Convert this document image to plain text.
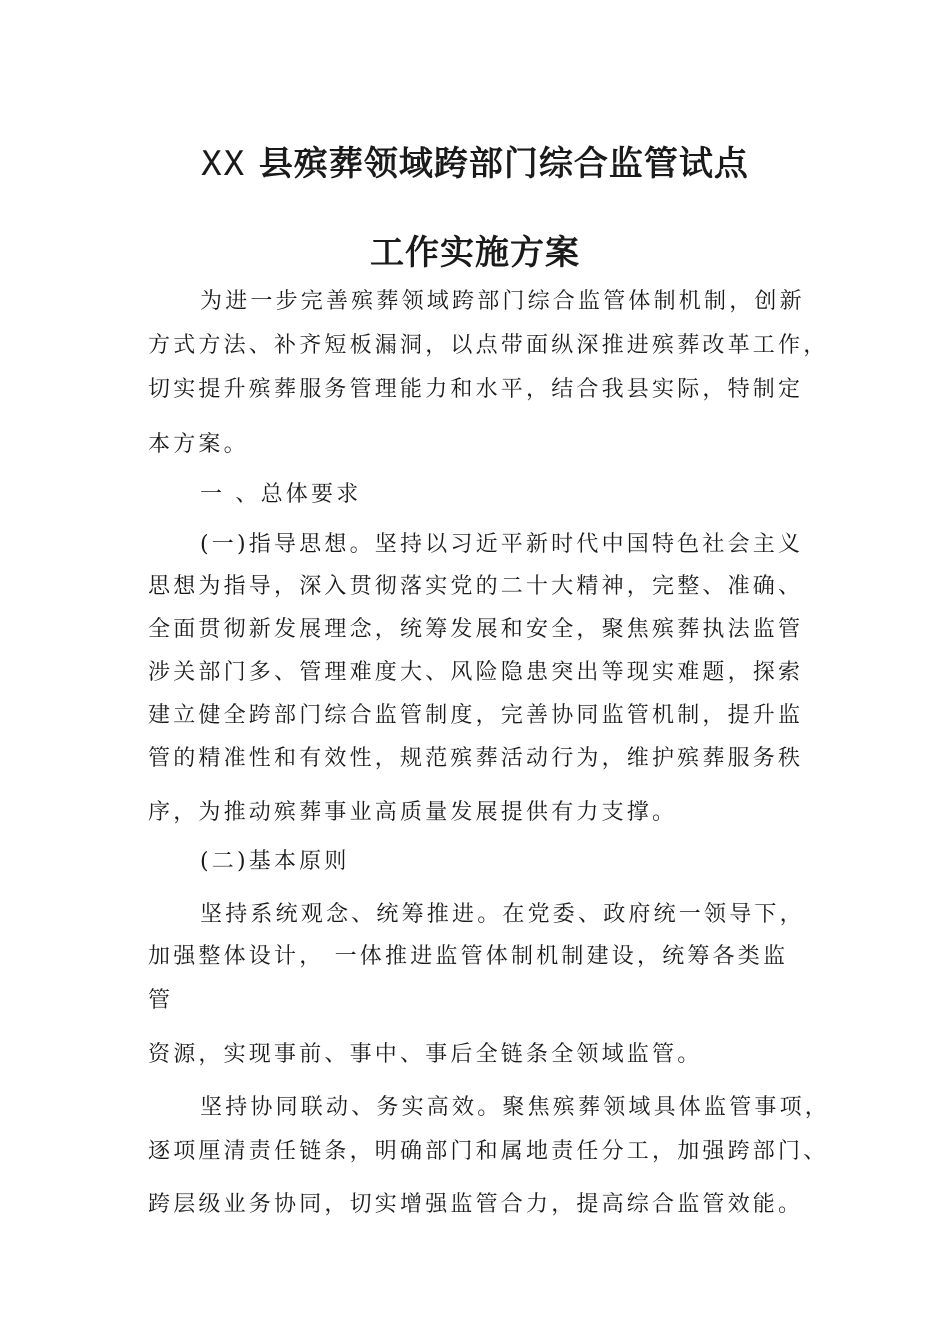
XX 县殡葬领域跨部门综合监管试点
工作实施方案
为进一步完善殡葬领域跨部门综合监管体制机制，创新
方式方法、补齐短板漏洞，以点带面纵深推进殡葬改革工作，
切实提升殡葬服务管理能力和水平，结合我县实际，特制定
本方案。
一 、总体要求
(一)指导思想。坚持以习近平新时代中国特色社会主义
思想为指导，深入贯彻落实党的二十大精神，完整、准确、
全面贯彻新发展理念，统筹发展和安全，聚焦殡葬执法监管
涉关部门多、管理难度大、风险隐患突出等现实难题，探索
建立健全跨部门综合监管制度，完善协同监管机制，提升监
管的精准性和有效性，规范殡葬活动行为，维护殡葬服务秩
序，为推动殡葬事业高质量发展提供有力支撑。
(二)基本原则
坚持系统观念、统筹推进。在党委、政府统一领导下，
加强整体设计， 一体推进监管体制机制建设，统筹各类监
管
资源，实现事前、事中、事后全链条全领域监管。
坚持协同联动、务实高效。聚焦殡葬领域具体监管事项，
逐项厘清责任链条，明确部门和属地责任分工，加强跨部门、
跨层级业务协同，切实增强监管合力，提高综合监管效能。
